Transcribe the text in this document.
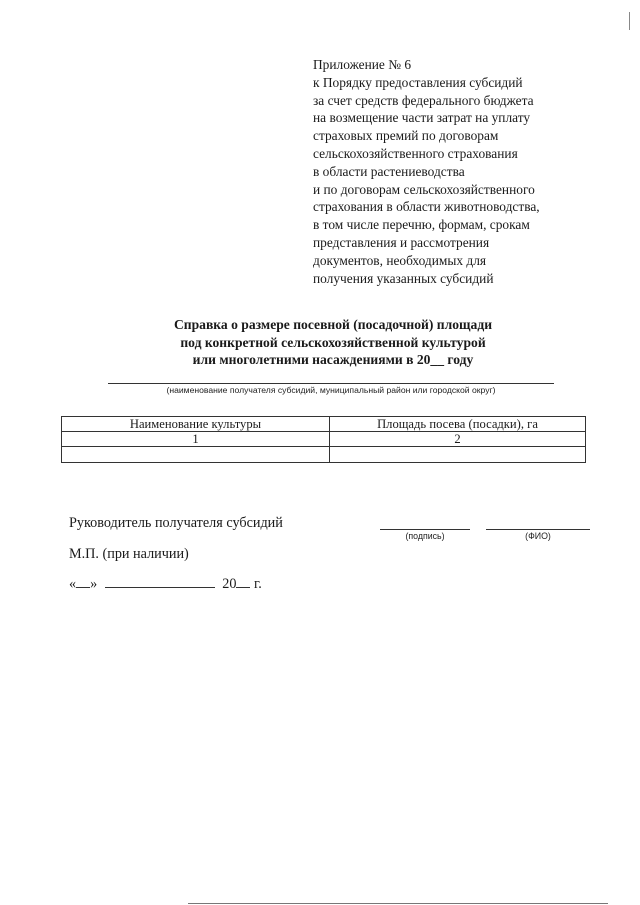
Приложение № 6
к Порядку предоставления субсидий
за счет средств федерального бюджета
на возмещение части затрат на уплату
страховых премий по договорам
сельскохозяйственного страхования
в области растениеводства
и по договорам сельскохозяйственного
страхования в области животноводства,
в том числе перечню, формам, срокам
представления и рассмотрения
документов, необходимых для
получения указанных субсидий
Справка о размере посевной (посадочной) площади
под конкретной сельскохозяйственной культурой
или многолетними насаждениями в 20__ году
(наименование получателя субсидий, муниципальный район или городской округ)
Наименование культуры	Площадь посева (посадки), га
1	2

Руководитель получателя субсидий
(подпись)	(ФИО)
М.П. (при наличии)
« »	20 г.
